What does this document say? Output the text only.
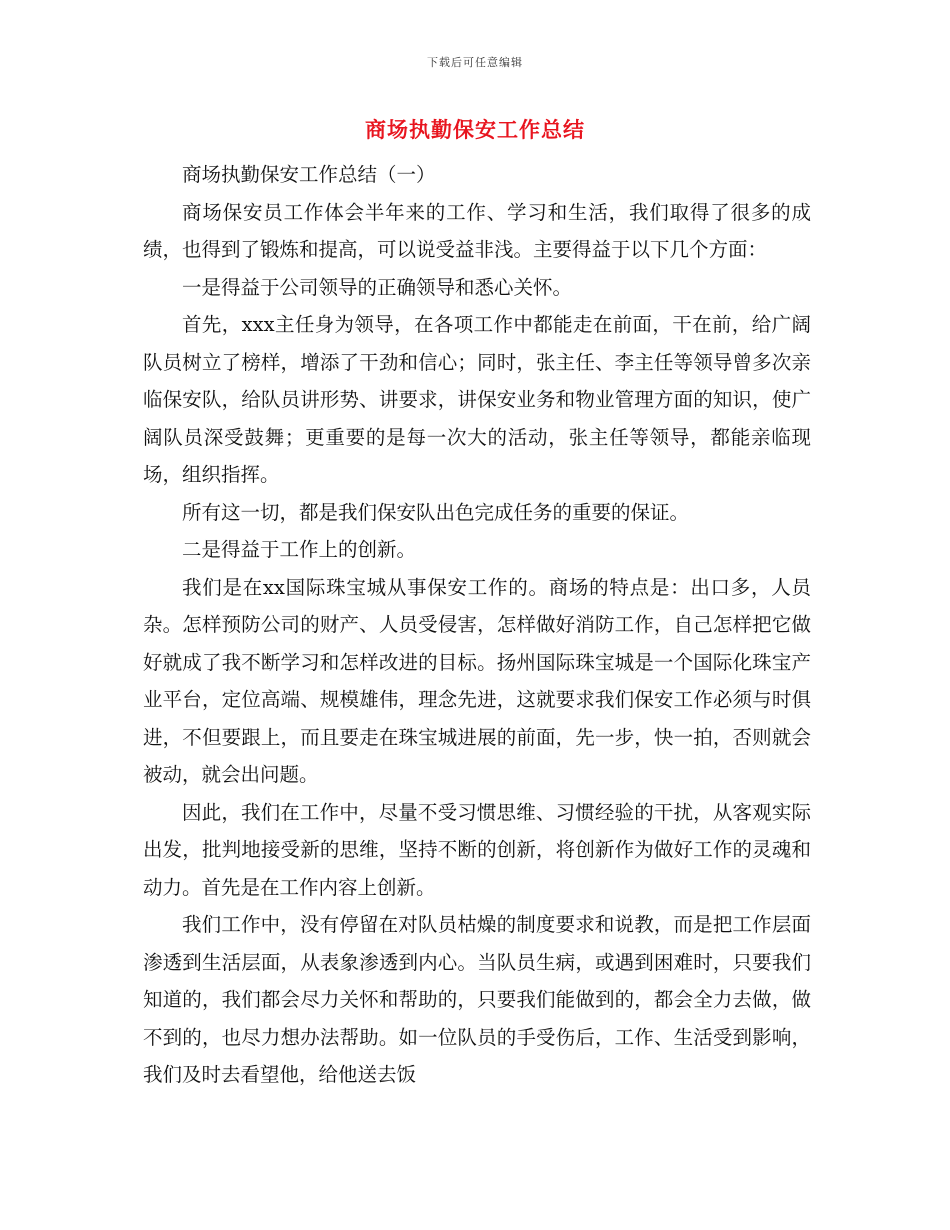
下载后可任意编辑
商场执勤保安工作总结

商场执勤保安工作总结（一）

商场保安员工作体会半年来的工作、学习和生活，我们取得了很多的成绩，也得到了锻炼和提高，可以说受益非浅。主要得益于以下几个方面：

一是得益于公司领导的正确领导和悉心关怀。

首先，xxx主任身为领导，在各项工作中都能走在前面，干在前，给广阔队员树立了榜样，增添了干劲和信心；同时，张主任、李主任等领导曾多次亲临保安队，给队员讲形势、讲要求，讲保安业务和物业管理方面的知识，使广阔队员深受鼓舞；更重要的是每一次大的活动，张主任等领导，都能亲临现场，组织指挥。

所有这一切，都是我们保安队出色完成任务的重要的保证。

二是得益于工作上的创新。

我们是在xx国际珠宝城从事保安工作的。商场的特点是：出口多，人员杂。怎样预防公司的财产、人员受侵害，怎样做好消防工作，自己怎样把它做好就成了我不断学习和怎样改进的目标。扬州国际珠宝城是一个国际化珠宝产业平台，定位高端、规模雄伟，理念先进，这就要求我们保安工作必须与时俱进，不但要跟上，而且要走在珠宝城进展的前面，先一步，快一拍，否则就会被动，就会出问题。

因此，我们在工作中，尽量不受习惯思维、习惯经验的干扰，从客观实际出发，批判地接受新的思维，坚持不断的创新，将创新作为做好工作的灵魂和动力。首先是在工作内容上创新。

我们工作中，没有停留在对队员枯燥的制度要求和说教，而是把工作层面渗透到生活层面，从表象渗透到内心。当队员生病，或遇到困难时，只要我们知道的，我们都会尽力关怀和帮助的，只要我们能做到的，都会全力去做，做不到的，也尽力想办法帮助。如一位队员的手受伤后，工作、生活受到影响，我们及时去看望他，给他送去饭
